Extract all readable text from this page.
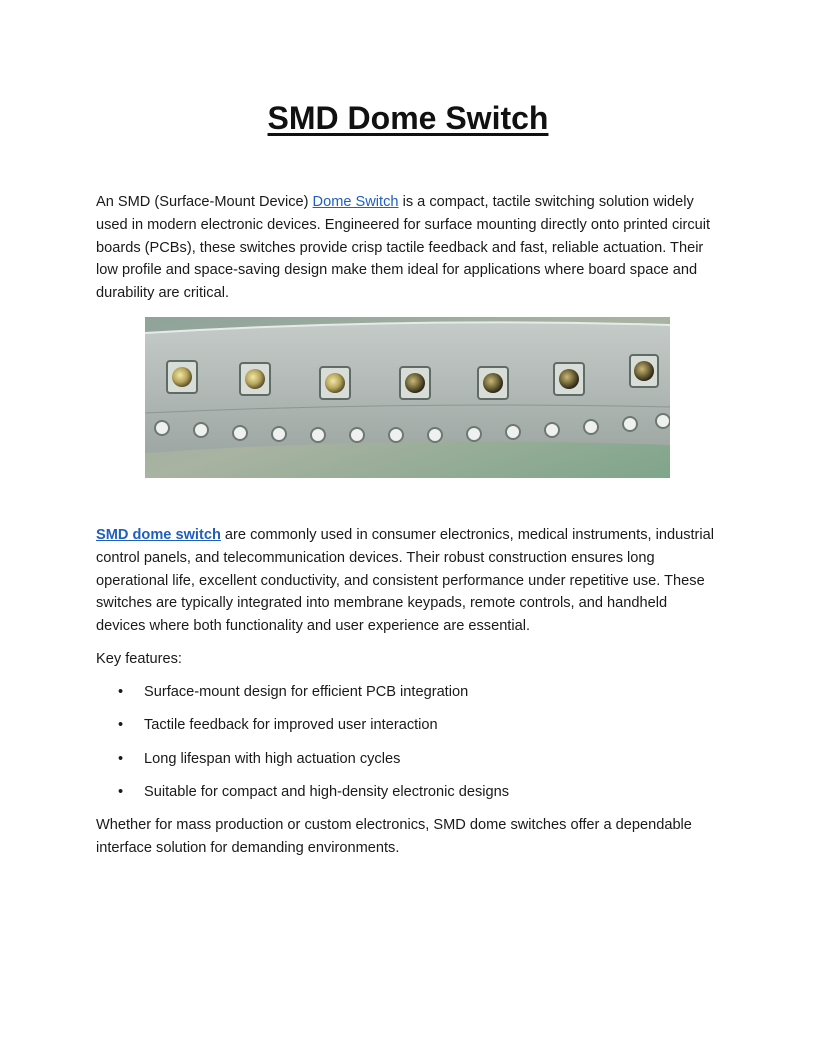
SMD Dome Switch

An SMD (Surface-Mount Device) Dome Switch is a compact, tactile switching solution widely used in modern electronic devices. Engineered for surface mounting directly onto printed circuit boards (PCBs), these switches provide crisp tactile feedback and fast, reliable actuation. Their low profile and space-saving design make them ideal for applications where board space and durability are critical.

SMD dome switch are commonly used in consumer electronics, medical instruments, industrial control panels, and telecommunication devices. Their robust construction ensures long operational life, excellent conductivity, and consistent performance under repetitive use. These switches are typically integrated into membrane keypads, remote controls, and handheld devices where both functionality and user experience are essential.

Key features:

• Surface-mount design for efficient PCB integration
• Tactile feedback for improved user interaction
• Long lifespan with high actuation cycles
• Suitable for compact and high-density electronic designs

Whether for mass production or custom electronics, SMD dome switches offer a dependable interface solution for demanding environments.
